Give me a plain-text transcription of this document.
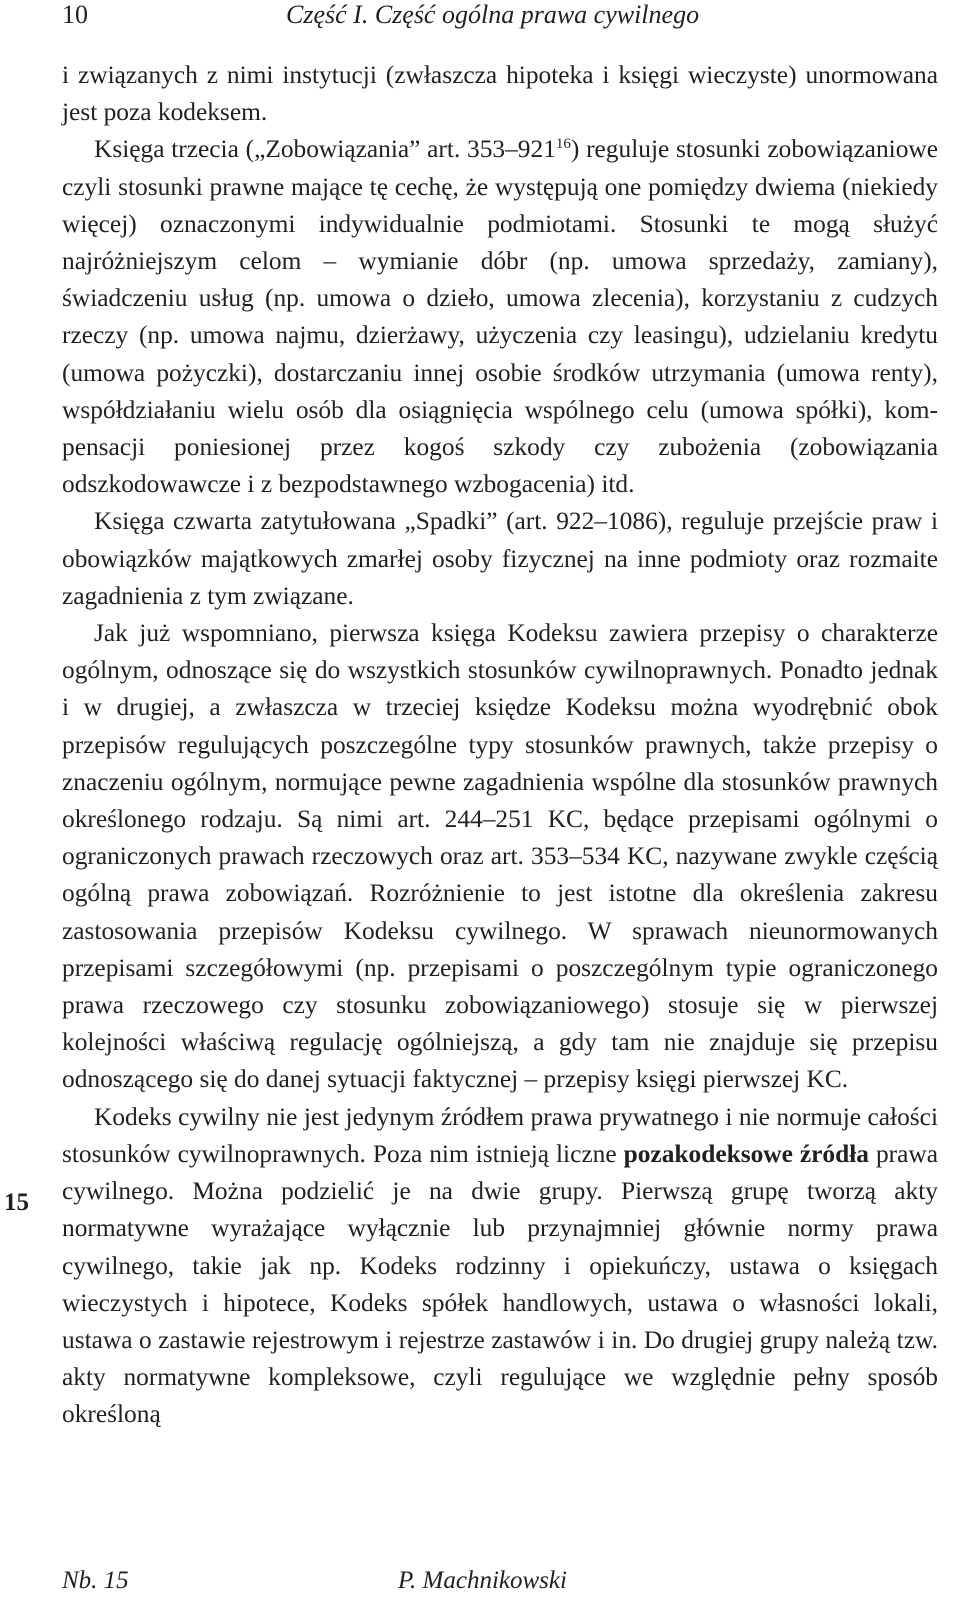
10	Część I. Część ogólna prawa cywilnego
15

i związanych z nimi instytucji (zwłaszcza hipoteka i księgi wieczyste) unormowana jest poza kodeksem.

Księga trzecia („Zobowiązania” art. $353-921^{16}$) reguluje stosunki zobowiązaniowe czyli stosunki prawne mające tę cechę, że występują one pomiędzy dwiema (niekiedy więcej) oznaczonymi indywidualnie podmiotami. Stosunki te mogą służyć najróżniejszym celom – wymianie dóbr (np. umowa sprzedaży, zamiany), świadczeniu usług (np. umowa o dzieło, umowa zlecenia), korzystaniu z cudzych rzeczy (np. umowa najmu, dzierżawy, użyczenia czy leasingu), udzielaniu kredytu (umowa pożyczki), dostarczaniu innej osobie środków utrzymania (umowa renty), współdziałaniu wielu osób dla osiągnięcia wspólnego celu (umowa spółki), kompensacji poniesionej przez kogoś szkody czy zubożenia (zobowiązania odszkodowawcze i z bezpodstawnego wzbogacenia) itd.

Księga czwarta zatytułowana „Spadki” (art. 922–1086), reguluje przejście praw i obowiązków majątkowych zmarłej osoby fizycznej na inne podmioty oraz rozmaite zagadnienia z tym związane.

Jak już wspomniano, pierwsza księga Kodeksu zawiera przepisy o charakterze ogólnym, odnoszące się do wszystkich stosunków cywilnoprawnych. Ponadto jednak i w drugiej, a zwłaszcza w trzeciej księdze Kodeksu można wyodrębnić obok przepisów regulujących poszczególne typy stosunków prawnych, także przepisy o znaczeniu ogólnym, normujące pewne zagadnienia wspólne dla stosunków prawnych określonego rodzaju. Są nimi art. 244–251 KC, będące przepisami ogólnymi o ograniczonych prawach rzeczowych oraz art. 353–534 KC, nazywane zwykle częścią ogólną prawa zobowiązań. Rozróżnienie to jest istotne dla określenia zakresu zastosowania przepisów Kodeksu cywilnego. W sprawach nieunormowanych przepisami szczegółowymi (np. przepisami o poszczególnym typie ograniczonego prawa rzeczowego czy stosunku zobowiązaniowego) stosuje się w pierwszej kolejności właściwą regulację ogólniejszą, a gdy tam nie znajduje się przepisu odnoszącego się do danej sytuacji faktycznej – przepisy księgi pierwszej KC.

Kodeks cywilny nie jest jedynym źródłem prawa prywatnego i nie normuje całości stosunków cywilnoprawnych. Poza nim istnieją liczne pozakodeksowe źródła prawa cywilnego. Można podzielić je na dwie grupy. Pierwszą grupę tworzą akty normatywne wyrażające wyłącznie lub przynajmniej głównie normy prawa cywilnego, takie jak np. Kodeks rodzinny i opiekuńczy, ustawa o księgach wieczystych i hipotece, Kodeks spółek handlowych, ustawa o własności lokali, ustawa o zastawie rejestrowym i rejestrze zastawów i in. Do drugiej grupy należą tzw. akty normatywne kompleksowe, czyli regulujące we względnie pełny sposób określoną

Nb. 15	P. Machnikowski
